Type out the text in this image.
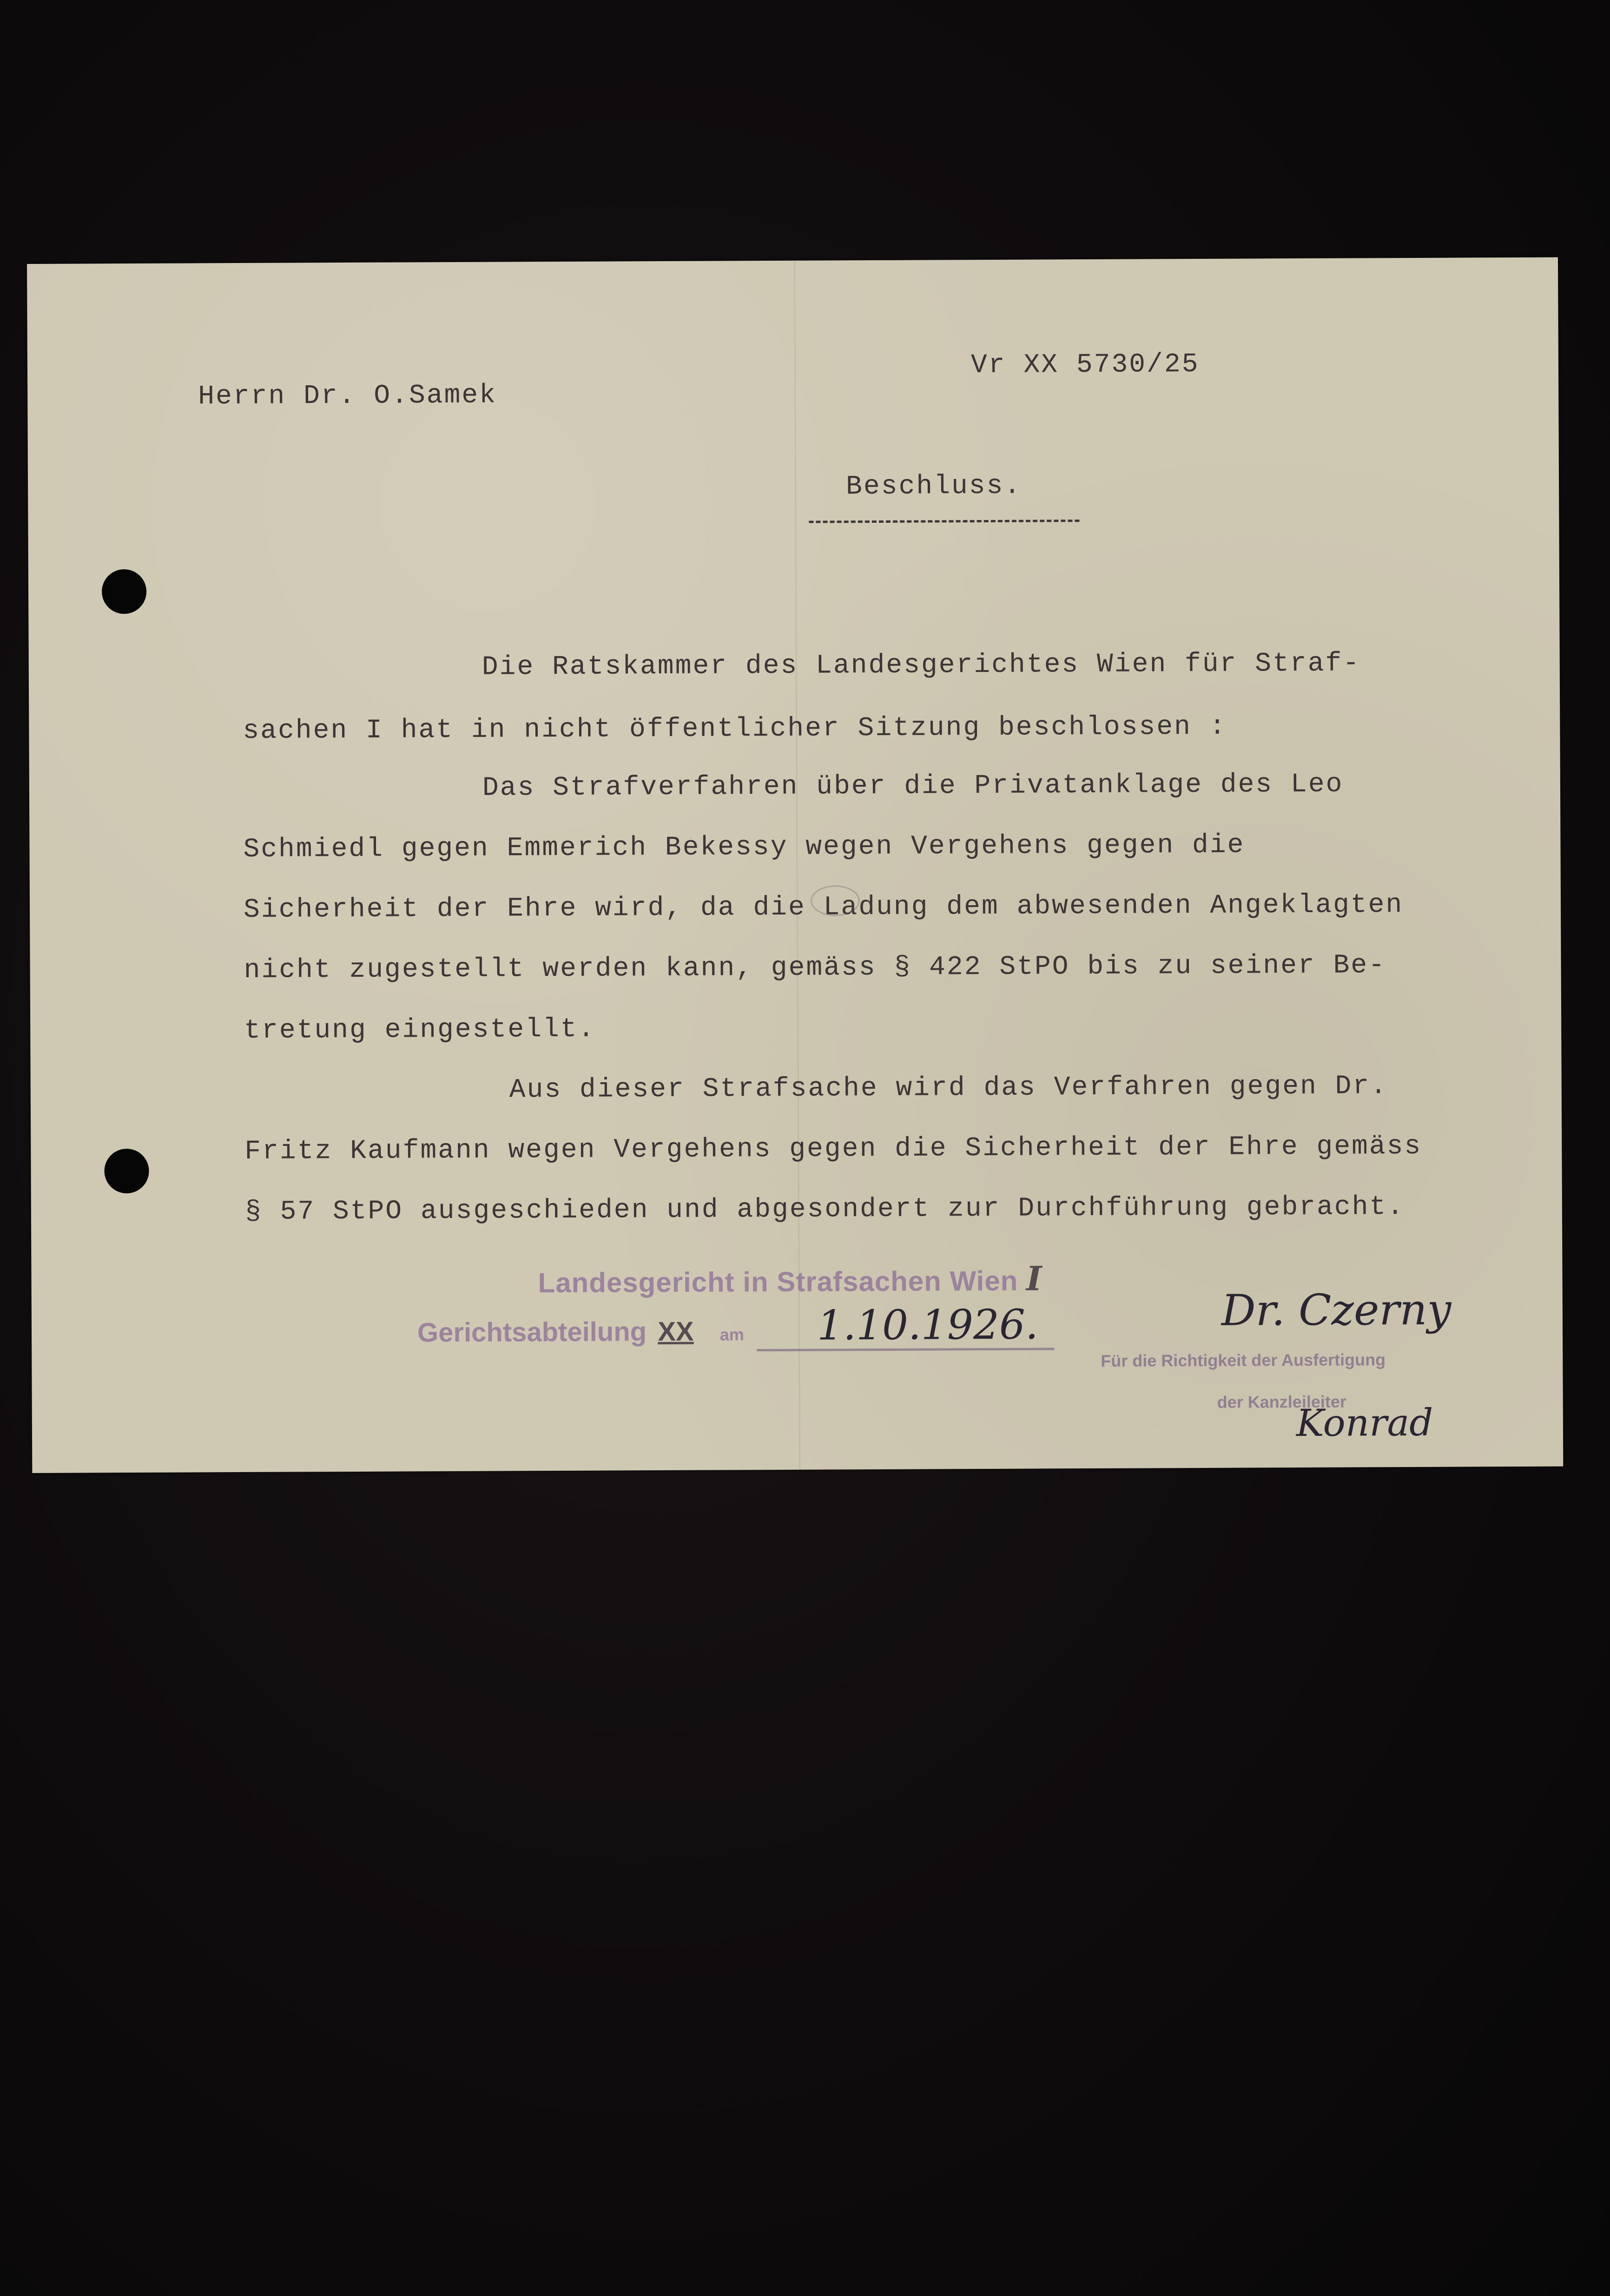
Herrn Dr. O.Samek
Vr XX 5730/25
Beschluss.
Die Ratskammer des Landesgerichtes Wien für Straf-
sachen I hat in nicht öffentlicher Sitzung beschlossen :
Das Strafverfahren über die Privatanklage des Leo
Schmiedl gegen Emmerich Bekessy wegen Vergehens gegen die
Sicherheit der Ehre wird, da die Ladung dem abwesenden Angeklagten
nicht zugestellt werden kann, gemäss § 422 StPO bis zu seiner Be-
tretung eingestellt.
Aus dieser Strafsache wird das Verfahren gegen Dr.
Fritz Kaufmann wegen Vergehens gegen die Sicherheit der Ehre gemäss
§ 57 StPO ausgeschieden und abgesondert zur Durchführung gebracht.
Landesgericht in Strafsachen Wien I
Gerichtsabteilung XX am 1.10.1926.	Dr. Czerny
Für die Richtigkeit der Ausfertigung
der Kanzleileiter
Konrad
